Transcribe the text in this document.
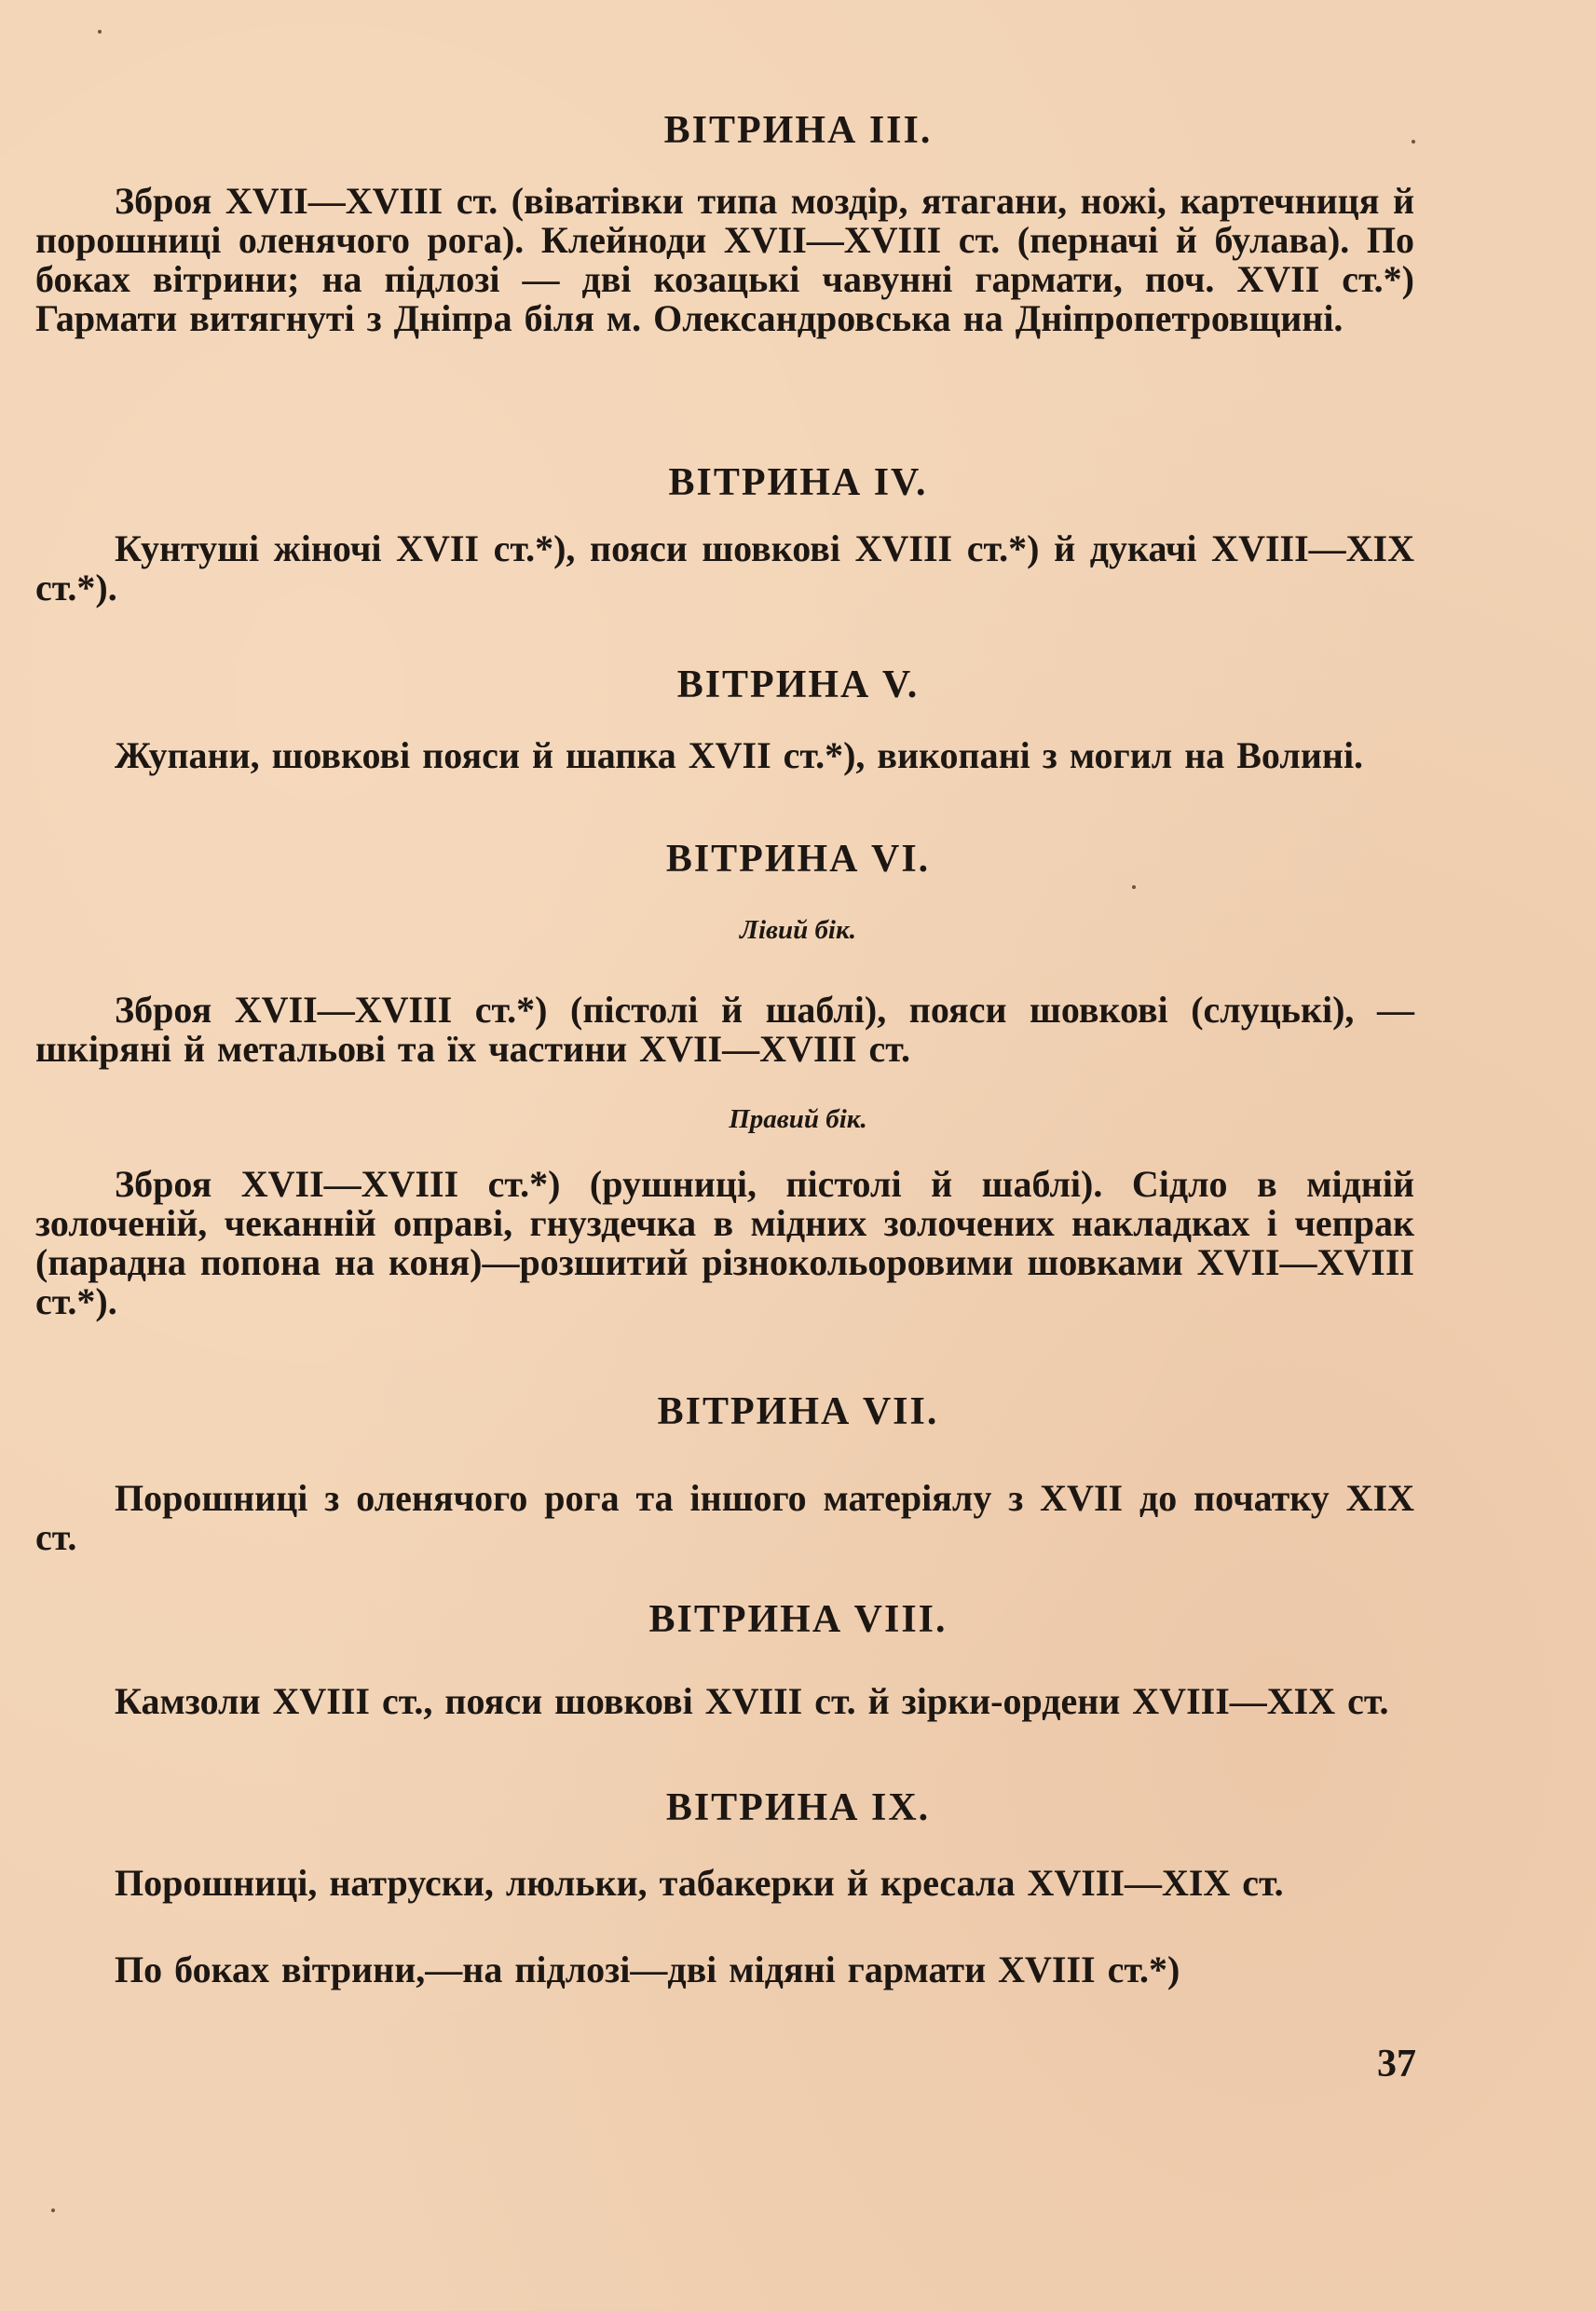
ВІТРИНА ІІІ.

Зброя XVII—XVIII ст. (віватівки типа моздір, ятагани, ножі, картечниця й порошниці оленячого рога). Клейноди XVII—XVIII ст. (перначі й булава). По боках вітрини; на підлозі — дві козацькі чавунні гармати, поч. XVII ст.*) Гармати витягнуті з Дніпра біля м. Олександровська на Дніпропетровщині.

ВІТРИНА IV.

Кунтуші жіночі XVII ст.*), пояси шовкові XVIII ст.*) й дукачі XVIII—XIX ст.*).

ВІТРИНА V.

Жупани, шовкові пояси й шапка XVII ст.*), викопані з могил на Волині.

ВІТРИНА VI.

Лівий бік.

Зброя XVII—XVIII ст.*) (пістолі й шаблі), пояси шовкові (слуцькі), — шкіряні й метальові та їх частини XVII—XVIII ст.

Правий бік.

Зброя XVII—XVIII ст.*) (рушниці, пістолі й шаблі). Сідло в мідній золоченій, чеканній оправі, гнуздечка в мідних золочених накладках і чепрак (парадна попона на коня)—розшитий різнокольоровими шовками XVII—XVIII ст.*).

ВІТРИНА VII.

Порошниці з оленячого рога та іншого матеріялу з XVII до початку XIX ст.

ВІТРИНА VIII.

Камзоли XVIII ст., пояси шовкові XVIII ст. й зірки-ордени XVIII—XIX ст.

ВІТРИНА IX.

Порошниці, натруски, люльки, табакерки й кресала XVIII—XIX ст.

По боках вітрини,—на підлозі—дві мідяні гармати XVIII ст.*)

37
